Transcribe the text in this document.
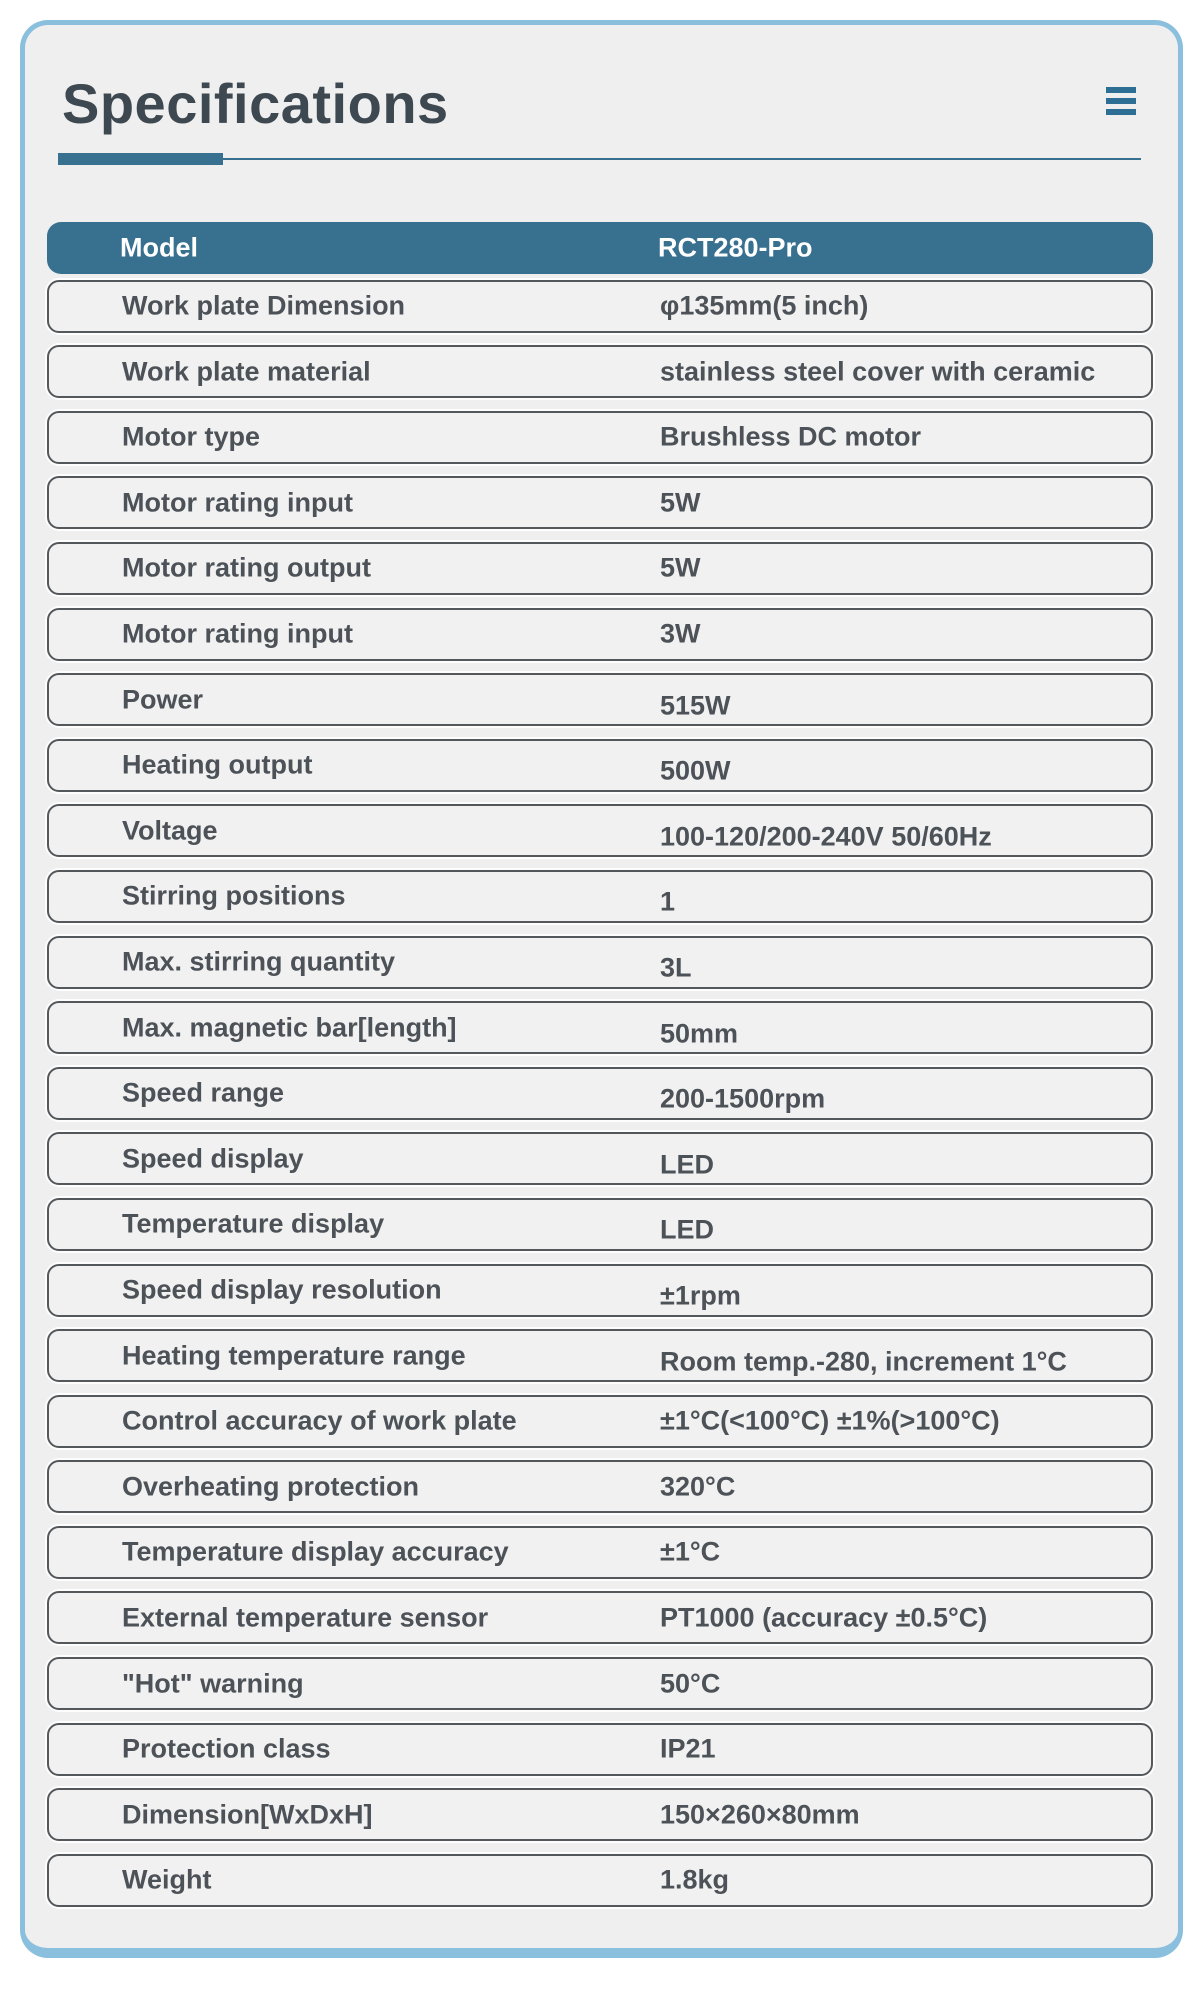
Specifications
Model	RCT280-Pro
Work plate Dimension	φ135mm(5 inch)
Work plate material	stainless steel cover with ceramic
Motor type	Brushless DC motor
Motor rating input	5W
Motor rating output	5W
Motor rating input	3W
Power	515W
Heating output	500W
Voltage	100-120/200-240V 50/60Hz
Stirring positions	1
Max. stirring quantity	3L
Max. magnetic bar[length]	50mm
Speed range	200-1500rpm
Speed display	LED
Temperature display	LED
Speed display resolution	±1rpm
Heating temperature range	Room temp.-280, increment 1°C
Control accuracy of work plate	±1°C(<100°C) ±1%(>100°C)
Overheating protection	320°C
Temperature display accuracy	±1°C
External temperature sensor	PT1000 (accuracy ±0.5°C)
"Hot" warning	50°C
Protection class	IP21
Dimension[WxDxH]	150×260×80mm
Weight	1.8kg
